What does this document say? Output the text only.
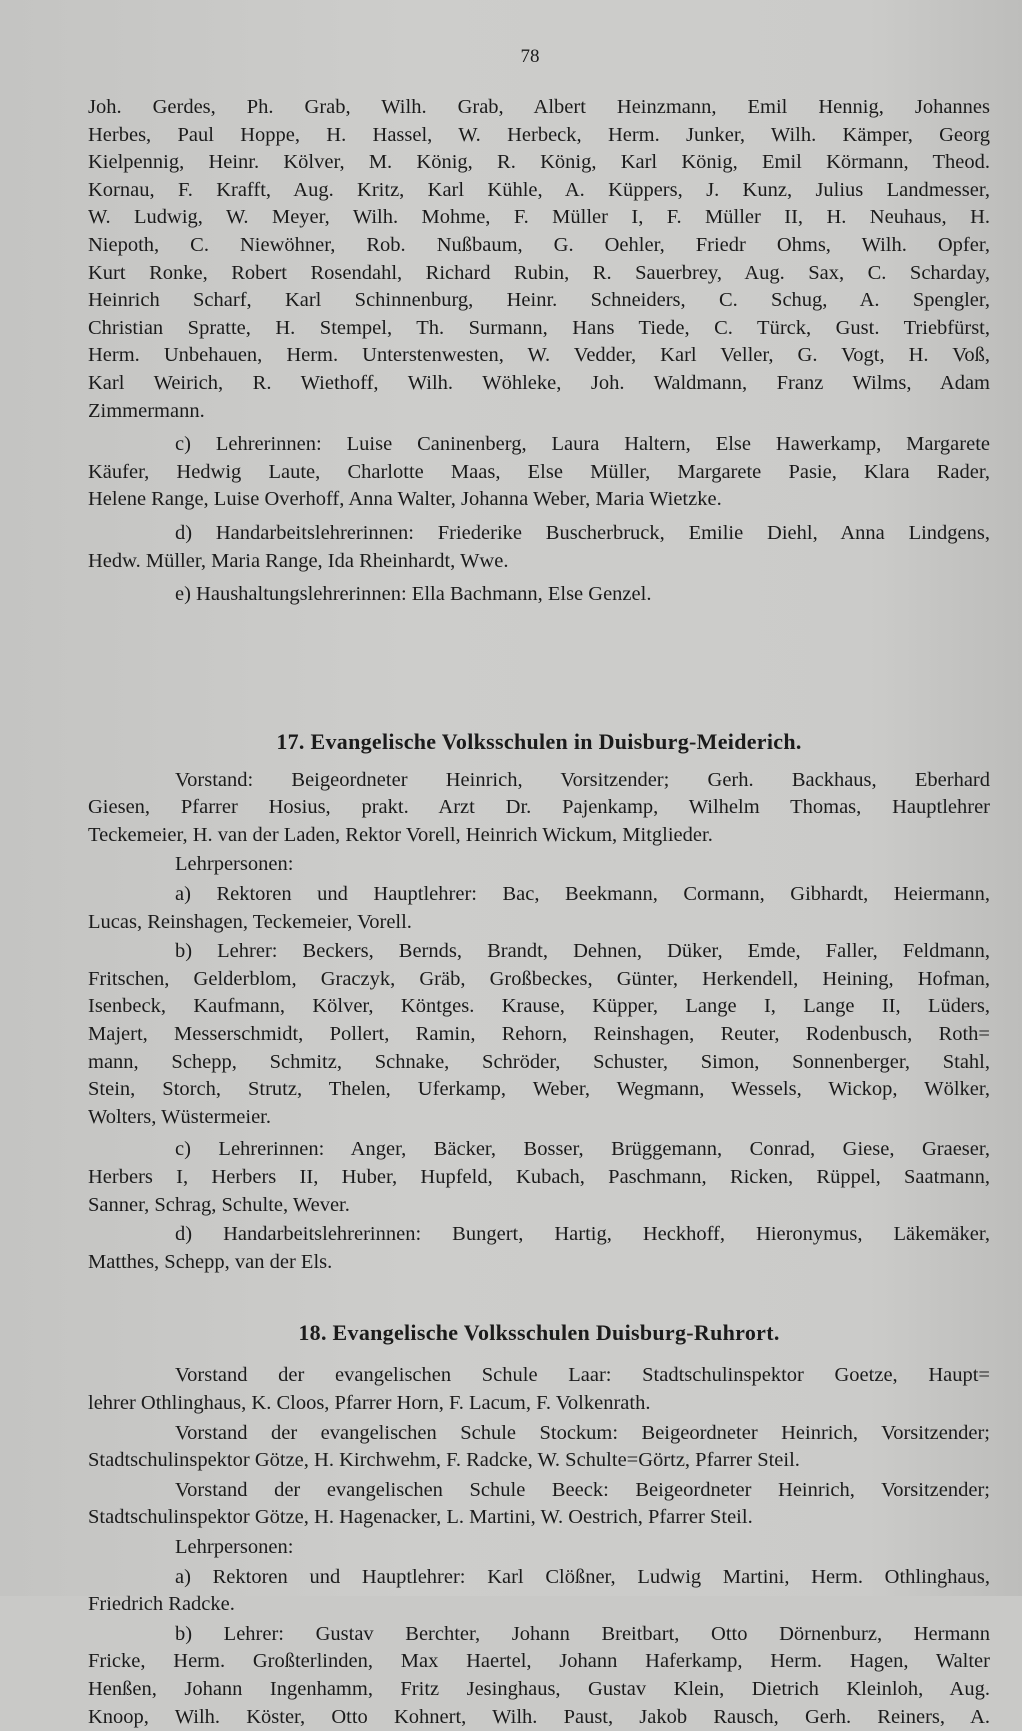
78
Joh. Gerdes, Ph. Grab, Wilh. Grab, Albert Heinzmann, Emil Hennig, Johannes
Herbes, Paul Hoppe, H. Hassel, W. Herbeck, Herm. Junker, Wilh. Kämper, Georg
Kielpennig, Heinr. Kölver, M. König, R. König, Karl König, Emil Körmann, Theod.
Kornau, F. Krafft, Aug. Kritz, Karl Kühle, A. Küppers, J. Kunz, Julius Landmesser,
W. Ludwig, W. Meyer, Wilh. Mohme, F. Müller I, F. Müller II, H. Neuhaus, H.
Niepoth, C. Niewöhner, Rob. Nußbaum, G. Oehler, Friedr Ohms, Wilh. Opfer,
Kurt Ronke, Robert Rosendahl, Richard Rubin, R. Sauerbrey, Aug. Sax, C. Scharday,
Heinrich Scharf, Karl Schinnenburg, Heinr. Schneiders, C. Schug, A. Spengler,
Christian Spratte, H. Stempel, Th. Surmann, Hans Tiede, C. Türck, Gust. Triebfürst,
Herm. Unbehauen, Herm. Unterstenwesten, W. Vedder, Karl Veller, G. Vogt, H. Voß,
Karl Weirich, R. Wiethoff, Wilh. Wöhleke, Joh. Waldmann, Franz Wilms, Adam
Zimmermann.
c) Lehrerinnen: Luise Caninenberg, Laura Haltern, Else Hawerkamp, Margarete
Käufer, Hedwig Laute, Charlotte Maas, Else Müller, Margarete Pasie, Klara Rader,
Helene Range, Luise Overhoff, Anna Walter, Johanna Weber, Maria Wietzke.
d) Handarbeitslehrerinnen: Friederike Buscherbruck, Emilie Diehl, Anna Lindgens,
Hedw. Müller, Maria Range, Ida Rheinhardt, Wwe.
e) Haushaltungslehrerinnen: Ella Bachmann, Else Genzel.
17. Evangelische Volksschulen in Duisburg-Meiderich.
Vorstand: Beigeordneter Heinrich, Vorsitzender; Gerh. Backhaus, Eberhard
Giesen, Pfarrer Hosius, prakt. Arzt Dr. Pajenkamp, Wilhelm Thomas, Hauptlehrer
Teckemeier, H. van der Laden, Rektor Vorell, Heinrich Wickum, Mitglieder.
Lehrpersonen:
a) Rektoren und Hauptlehrer: Bac, Beekmann, Cormann, Gibhardt, Heiermann,
Lucas, Reinshagen, Teckemeier, Vorell.
b) Lehrer: Beckers, Bernds, Brandt, Dehnen, Düker, Emde, Faller, Feldmann,
Fritschen, Gelderblom, Graczyk, Gräb, Großbeckes, Günter, Herkendell, Heining, Hofman,
Isenbeck, Kaufmann, Kölver, Köntges. Krause, Küpper, Lange I, Lange II, Lüders,
Majert, Messerschmidt, Pollert, Ramin, Rehorn, Reinshagen, Reuter, Rodenbusch, Roth=
mann, Schepp, Schmitz, Schnake, Schröder, Schuster, Simon, Sonnenberger, Stahl,
Stein, Storch, Strutz, Thelen, Uferkamp, Weber, Wegmann, Wessels, Wickop, Wölker,
Wolters, Wüstermeier.
c) Lehrerinnen: Anger, Bäcker, Bosser, Brüggemann, Conrad, Giese, Graeser,
Herbers I, Herbers II, Huber, Hupfeld, Kubach, Paschmann, Ricken, Rüppel, Saatmann,
Sanner, Schrag, Schulte, Wever.
d) Handarbeitslehrerinnen: Bungert, Hartig, Heckhoff, Hieronymus, Läkemäker,
Matthes, Schepp, van der Els.
18. Evangelische Volksschulen Duisburg-Ruhrort.
Vorstand der evangelischen Schule Laar: Stadtschulinspektor Goetze, Haupt=
lehrer Othlinghaus, K. Cloos, Pfarrer Horn, F. Lacum, F. Volkenrath.
Vorstand der evangelischen Schule Stockum: Beigeordneter Heinrich, Vorsitzender;
Stadtschulinspektor Götze, H. Kirchwehm, F. Radcke, W. Schulte=Görtz, Pfarrer Steil.
Vorstand der evangelischen Schule Beeck: Beigeordneter Heinrich, Vorsitzender;
Stadtschulinspektor Götze, H. Hagenacker, L. Martini, W. Oestrich, Pfarrer Steil.
Lehrpersonen:
a) Rektoren und Hauptlehrer: Karl Clößner, Ludwig Martini, Herm. Othlinghaus,
Friedrich Radcke.
b) Lehrer: Gustav Berchter, Johann Breitbart, Otto Dörnenburz, Hermann
Fricke, Herm. Großterlinden, Max Haertel, Johann Haferkamp, Herm. Hagen, Walter
Henßen, Johann Ingenhamm, Fritz Jesinghaus, Gustav Klein, Dietrich Kleinloh, Aug.
Knoop, Wilh. Köster, Otto Kohnert, Wilh. Paust, Jakob Rausch, Gerh. Reiners, A.
